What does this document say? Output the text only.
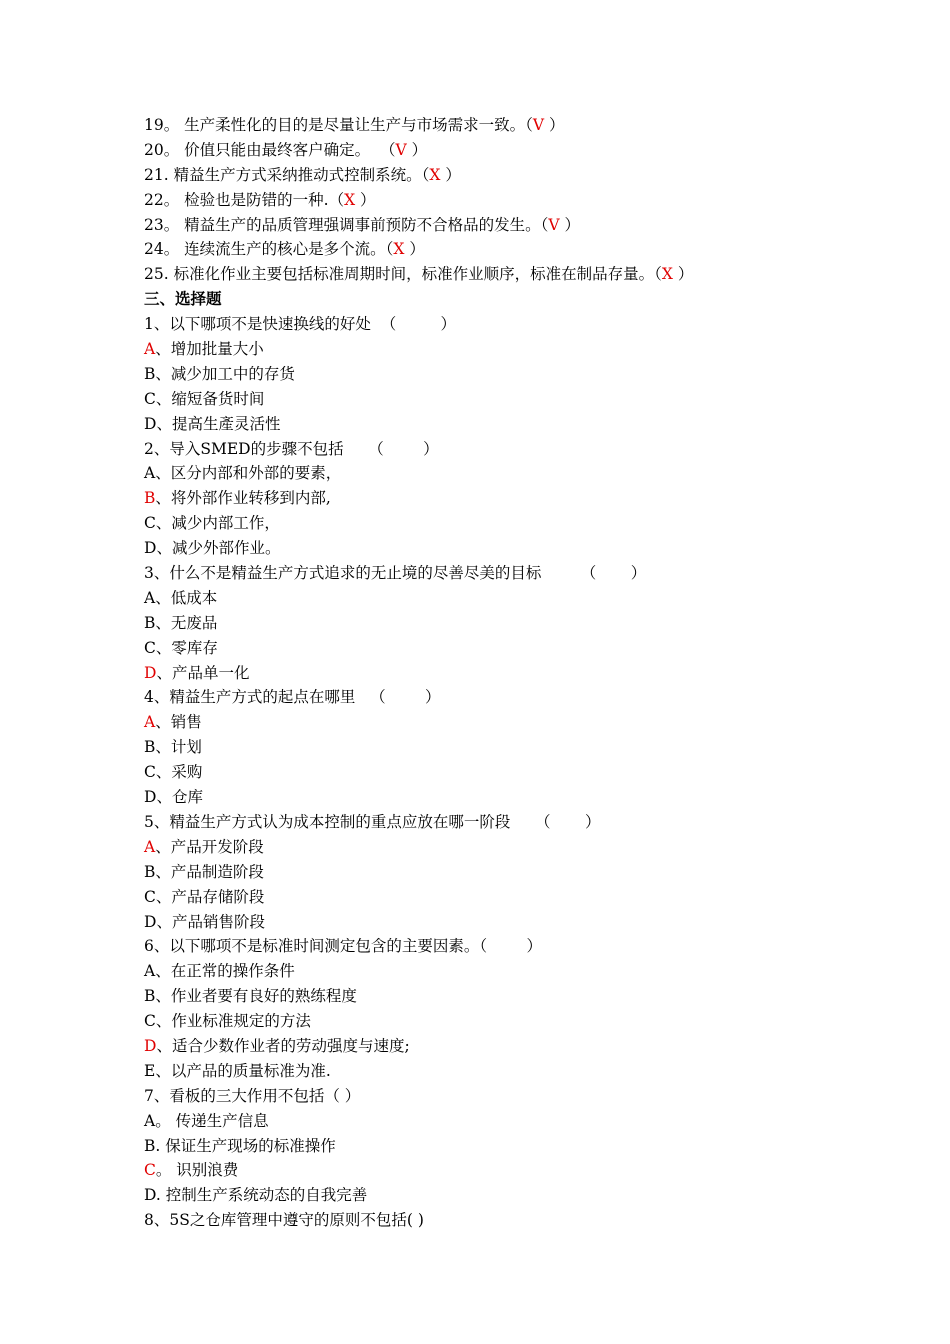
19。 生产柔性化的目的是尽量让生产与市场需求一致。（V ）
20。 价值只能由最终客户确定。  （V ）
21. 精益生产方式采纳推动式控制系统。（X ）
22。 检验也是防错的一种.（X ）
23。 精益生产的品质管理强调事前预防不合格品的发生。（V ）
24。 连续流生产的核心是多个流。（X ）
25. 标准化作业主要包括标准周期时间，标准作业顺序，标准在制品存量。（X ）
三、选择题
1、以下哪项不是快速换线的好处  （         ）
A、增加批量大小
B、减少加工中的存货
C、缩短备货时间
D、提高生產灵活性
2、导入SMED的步骤不包括     （        ）
A、区分内部和外部的要素，
B、将外部作业转移到内部,
C、减少内部工作，
D、减少外部作业。
3、什么不是精益生产方式追求的无止境的尽善尽美的目标        （       ）
A、低成本
B、无废品
C、零库存
D、产品单一化
4、精益生产方式的起点在哪里   （        ）
A、销售
B、计划
C、采购
D、仓库
5、精益生产方式认为成本控制的重点应放在哪一阶段     （       ）
A、产品开发阶段
B、产品制造阶段
C、产品存储阶段
D、产品销售阶段
6、以下哪项不是标准时间测定包含的主要因素。（        ）
A、在正常的操作条件
B、作业者要有良好的熟练程度
C、作业标准规定的方法
D、适合少数作业者的劳动强度与速度;
E、以产品的质量标准为准.
7、看板的三大作用不包括（ ）
A。 传递生产信息
B. 保证生产现场的标准操作
C。 识别浪费
D. 控制生产系统动态的自我完善
8、5S之仓库管理中遵守的原则不包括( )
